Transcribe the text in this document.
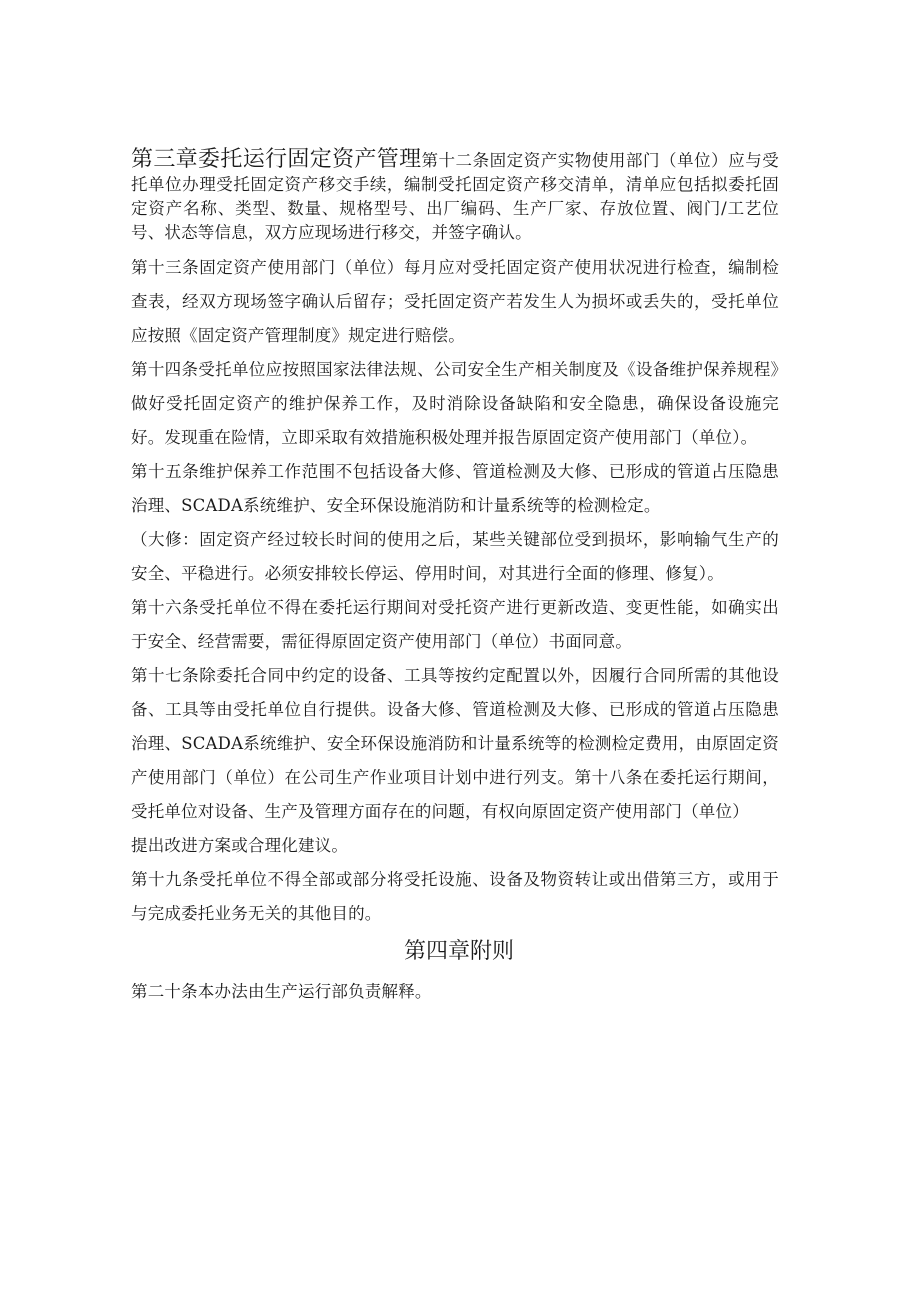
第三章委托运行固定资产管理第十二条固定资产实物使用部门（单位）应与受托单位办理受托固定资产移交手续，编制受托固定资产移交清单，清单应包括拟委托固定资产名称、类型、数量、规格型号、出厂编码、生产厂家、存放位置、阀门/工艺位号、状态等信息，双方应现场进行移交，并签字确认。

第十三条固定资产使用部门（单位）每月应对受托固定资产使用状况进行检查，编制检查表，经双方现场签字确认后留存；受托固定资产若发生人为损坏或丢失的，受托单位应按照《固定资产管理制度》规定进行赔偿。

第十四条受托单位应按照国家法律法规、公司安全生产相关制度及《设备维护保养规程》做好受托固定资产的维护保养工作，及时消除设备缺陷和安全隐患，确保设备设施完好。发现重在险情，立即采取有效措施积极处理并报告原固定资产使用部门（单位）。

第十五条维护保养工作范围不包括设备大修、管道检测及大修、已形成的管道占压隐患治理、SCADA系统维护、安全环保设施消防和计量系统等的检测检定。

（大修：固定资产经过较长时间的使用之后，某些关键部位受到损坏，影响输气生产的安全、平稳进行。必须安排较长停运、停用时间，对其进行全面的修理、修复）。

第十六条受托单位不得在委托运行期间对受托资产进行更新改造、变更性能，如确实出于安全、经营需要，需征得原固定资产使用部门（单位）书面同意。

第十七条除委托合同中约定的设备、工具等按约定配置以外，因履行合同所需的其他设备、工具等由受托单位自行提供。设备大修、管道检测及大修、已形成的管道占压隐患治理、SCADA系统维护、安全环保设施消防和计量系统等的检测检定费用，由原固定资产使用部门（单位）在公司生产作业项目计划中进行列支。第十八条在委托运行期间，受托单位对设备、生产及管理方面存在的问题，有权向原固定资产使用部门（单位）

提出改进方案或合理化建议。

第十九条受托单位不得全部或部分将受托设施、设备及物资转让或出借第三方，或用于与完成委托业务无关的其他目的。

第四章附则

第二十条本办法由生产运行部负责解释。
